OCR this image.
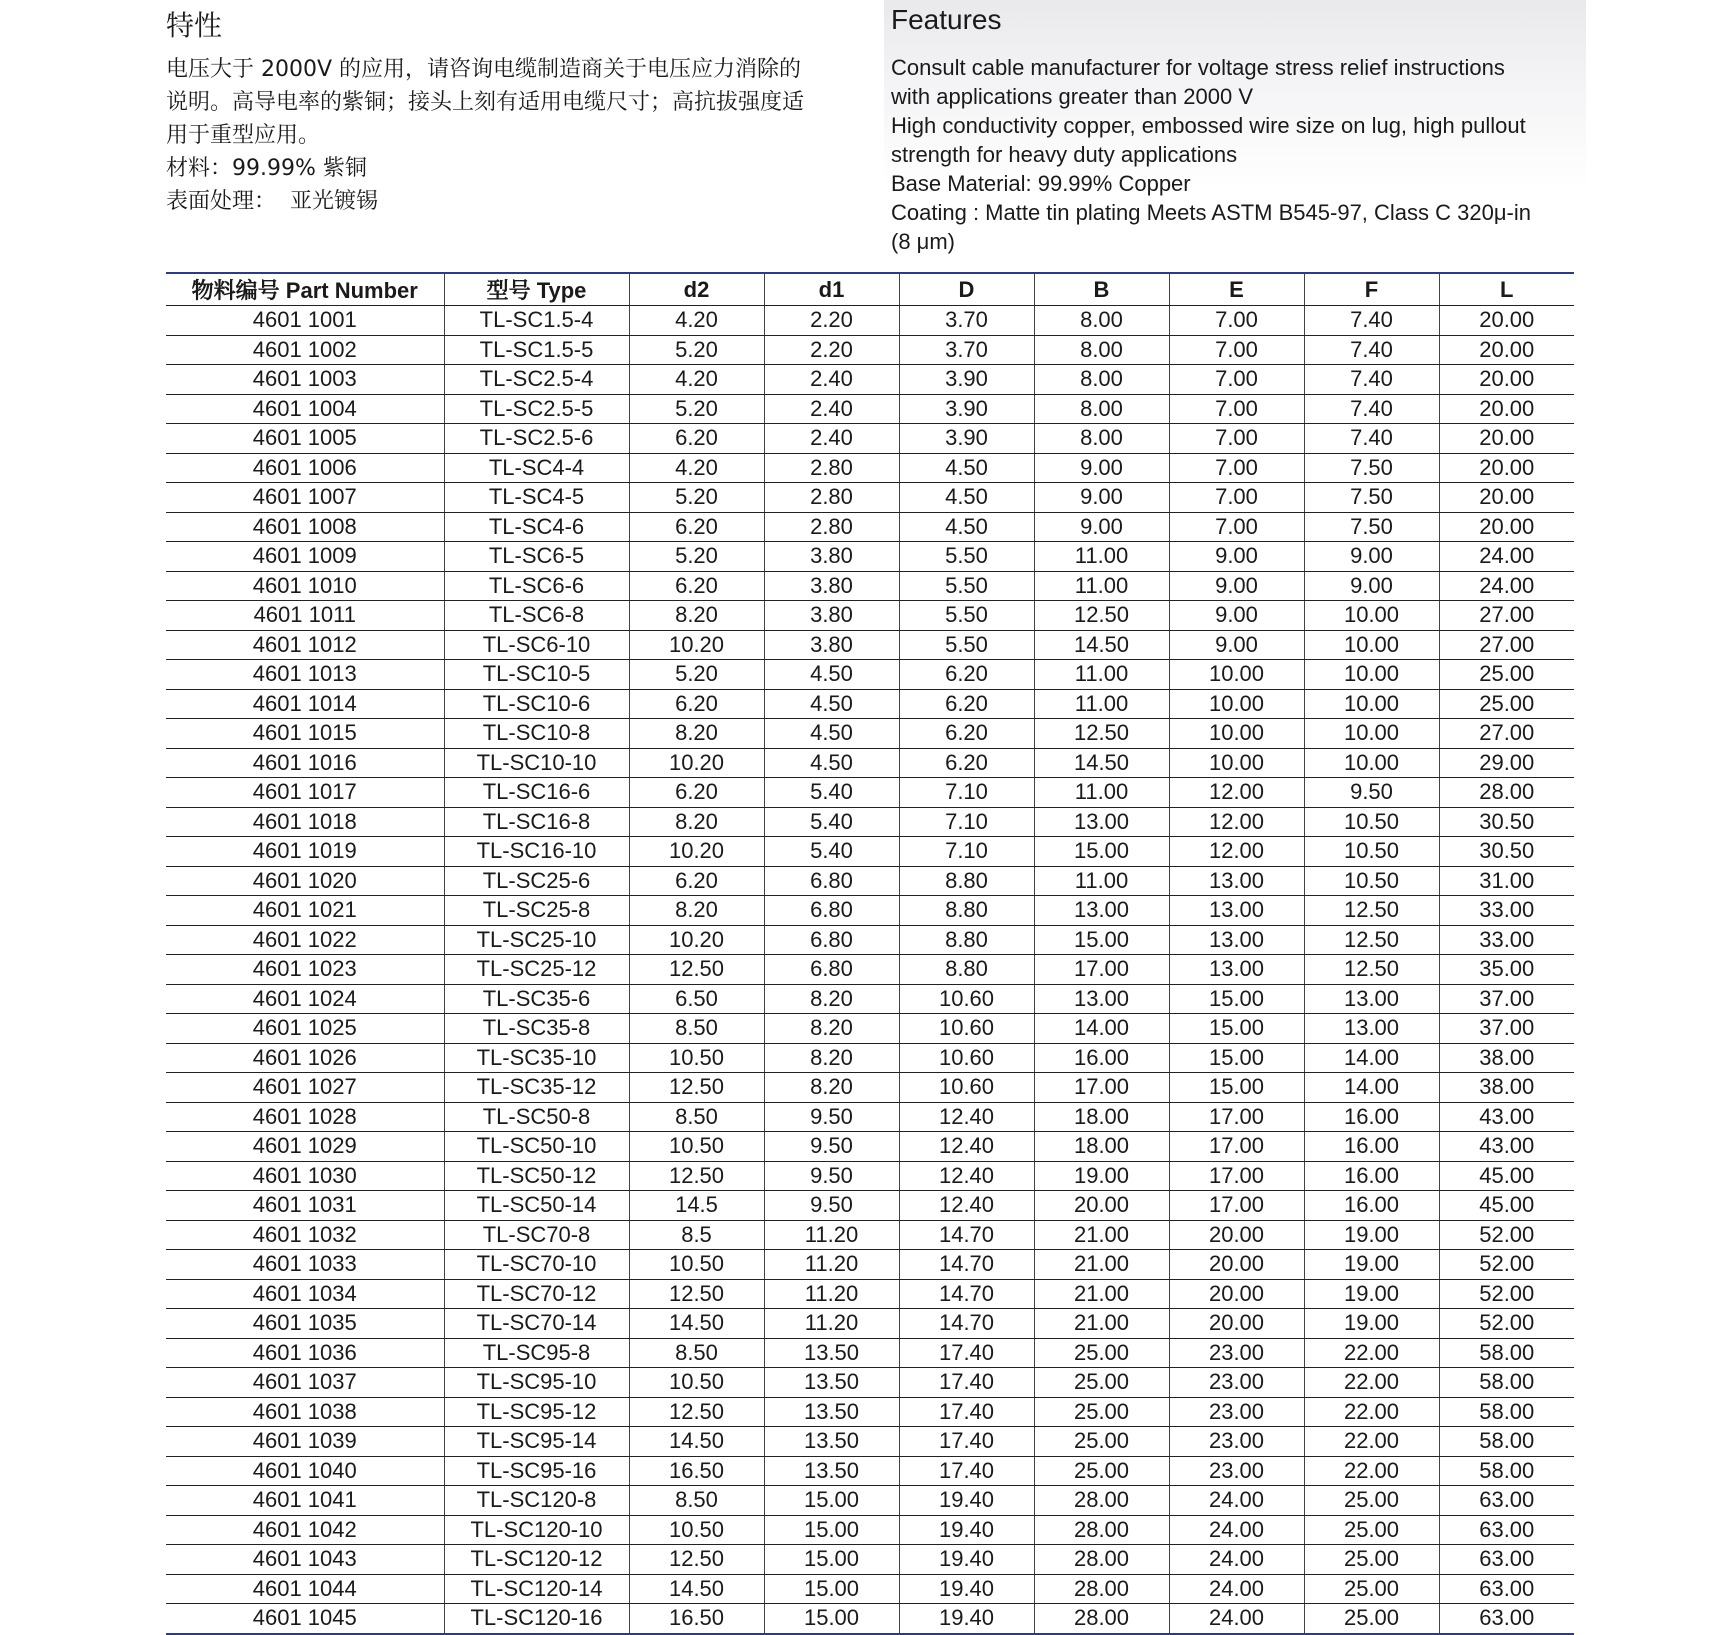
特性	Features
电压大于 2000V 的应用，请咨询电缆制造商关于电压应力消除的
说明。高导电率的紫铜；接头上刻有适用电缆尺寸；高抗拔强度适
用于重型应用。
材料：99.99% 紫铜
表面处理：  亚光镀锡
Consult cable manufacturer for voltage stress relief instructions
with applications greater than 2000 V
High conductivity copper, embossed wire size on lug, high pullout
strength for heavy duty applications
Base Material: 99.99% Copper
Coating : Matte tin plating Meets ASTM B545-97, Class C 320μ-in
(8 μm)
物料编号 Part Number	型号 Type	d2	d1	D	B	E	F	L
4601 1001	TL-SC1.5-4	4.20	2.20	3.70	8.00	7.00	7.40	20.00
4601 1002	TL-SC1.5-5	5.20	2.20	3.70	8.00	7.00	7.40	20.00
4601 1003	TL-SC2.5-4	4.20	2.40	3.90	8.00	7.00	7.40	20.00
4601 1004	TL-SC2.5-5	5.20	2.40	3.90	8.00	7.00	7.40	20.00
4601 1005	TL-SC2.5-6	6.20	2.40	3.90	8.00	7.00	7.40	20.00
4601 1006	TL-SC4-4	4.20	2.80	4.50	9.00	7.00	7.50	20.00
4601 1007	TL-SC4-5	5.20	2.80	4.50	9.00	7.00	7.50	20.00
4601 1008	TL-SC4-6	6.20	2.80	4.50	9.00	7.00	7.50	20.00
4601 1009	TL-SC6-5	5.20	3.80	5.50	11.00	9.00	9.00	24.00
4601 1010	TL-SC6-6	6.20	3.80	5.50	11.00	9.00	9.00	24.00
4601 1011	TL-SC6-8	8.20	3.80	5.50	12.50	9.00	10.00	27.00
4601 1012	TL-SC6-10	10.20	3.80	5.50	14.50	9.00	10.00	27.00
4601 1013	TL-SC10-5	5.20	4.50	6.20	11.00	10.00	10.00	25.00
4601 1014	TL-SC10-6	6.20	4.50	6.20	11.00	10.00	10.00	25.00
4601 1015	TL-SC10-8	8.20	4.50	6.20	12.50	10.00	10.00	27.00
4601 1016	TL-SC10-10	10.20	4.50	6.20	14.50	10.00	10.00	29.00
4601 1017	TL-SC16-6	6.20	5.40	7.10	11.00	12.00	9.50	28.00
4601 1018	TL-SC16-8	8.20	5.40	7.10	13.00	12.00	10.50	30.50
4601 1019	TL-SC16-10	10.20	5.40	7.10	15.00	12.00	10.50	30.50
4601 1020	TL-SC25-6	6.20	6.80	8.80	11.00	13.00	10.50	31.00
4601 1021	TL-SC25-8	8.20	6.80	8.80	13.00	13.00	12.50	33.00
4601 1022	TL-SC25-10	10.20	6.80	8.80	15.00	13.00	12.50	33.00
4601 1023	TL-SC25-12	12.50	6.80	8.80	17.00	13.00	12.50	35.00
4601 1024	TL-SC35-6	6.50	8.20	10.60	13.00	15.00	13.00	37.00
4601 1025	TL-SC35-8	8.50	8.20	10.60	14.00	15.00	13.00	37.00
4601 1026	TL-SC35-10	10.50	8.20	10.60	16.00	15.00	14.00	38.00
4601 1027	TL-SC35-12	12.50	8.20	10.60	17.00	15.00	14.00	38.00
4601 1028	TL-SC50-8	8.50	9.50	12.40	18.00	17.00	16.00	43.00
4601 1029	TL-SC50-10	10.50	9.50	12.40	18.00	17.00	16.00	43.00
4601 1030	TL-SC50-12	12.50	9.50	12.40	19.00	17.00	16.00	45.00
4601 1031	TL-SC50-14	14.5	9.50	12.40	20.00	17.00	16.00	45.00
4601 1032	TL-SC70-8	8.5	11.20	14.70	21.00	20.00	19.00	52.00
4601 1033	TL-SC70-10	10.50	11.20	14.70	21.00	20.00	19.00	52.00
4601 1034	TL-SC70-12	12.50	11.20	14.70	21.00	20.00	19.00	52.00
4601 1035	TL-SC70-14	14.50	11.20	14.70	21.00	20.00	19.00	52.00
4601 1036	TL-SC95-8	8.50	13.50	17.40	25.00	23.00	22.00	58.00
4601 1037	TL-SC95-10	10.50	13.50	17.40	25.00	23.00	22.00	58.00
4601 1038	TL-SC95-12	12.50	13.50	17.40	25.00	23.00	22.00	58.00
4601 1039	TL-SC95-14	14.50	13.50	17.40	25.00	23.00	22.00	58.00
4601 1040	TL-SC95-16	16.50	13.50	17.40	25.00	23.00	22.00	58.00
4601 1041	TL-SC120-8	8.50	15.00	19.40	28.00	24.00	25.00	63.00
4601 1042	TL-SC120-10	10.50	15.00	19.40	28.00	24.00	25.00	63.00
4601 1043	TL-SC120-12	12.50	15.00	19.40	28.00	24.00	25.00	63.00
4601 1044	TL-SC120-14	14.50	15.00	19.40	28.00	24.00	25.00	63.00
4601 1045	TL-SC120-16	16.50	15.00	19.40	28.00	24.00	25.00	63.00
